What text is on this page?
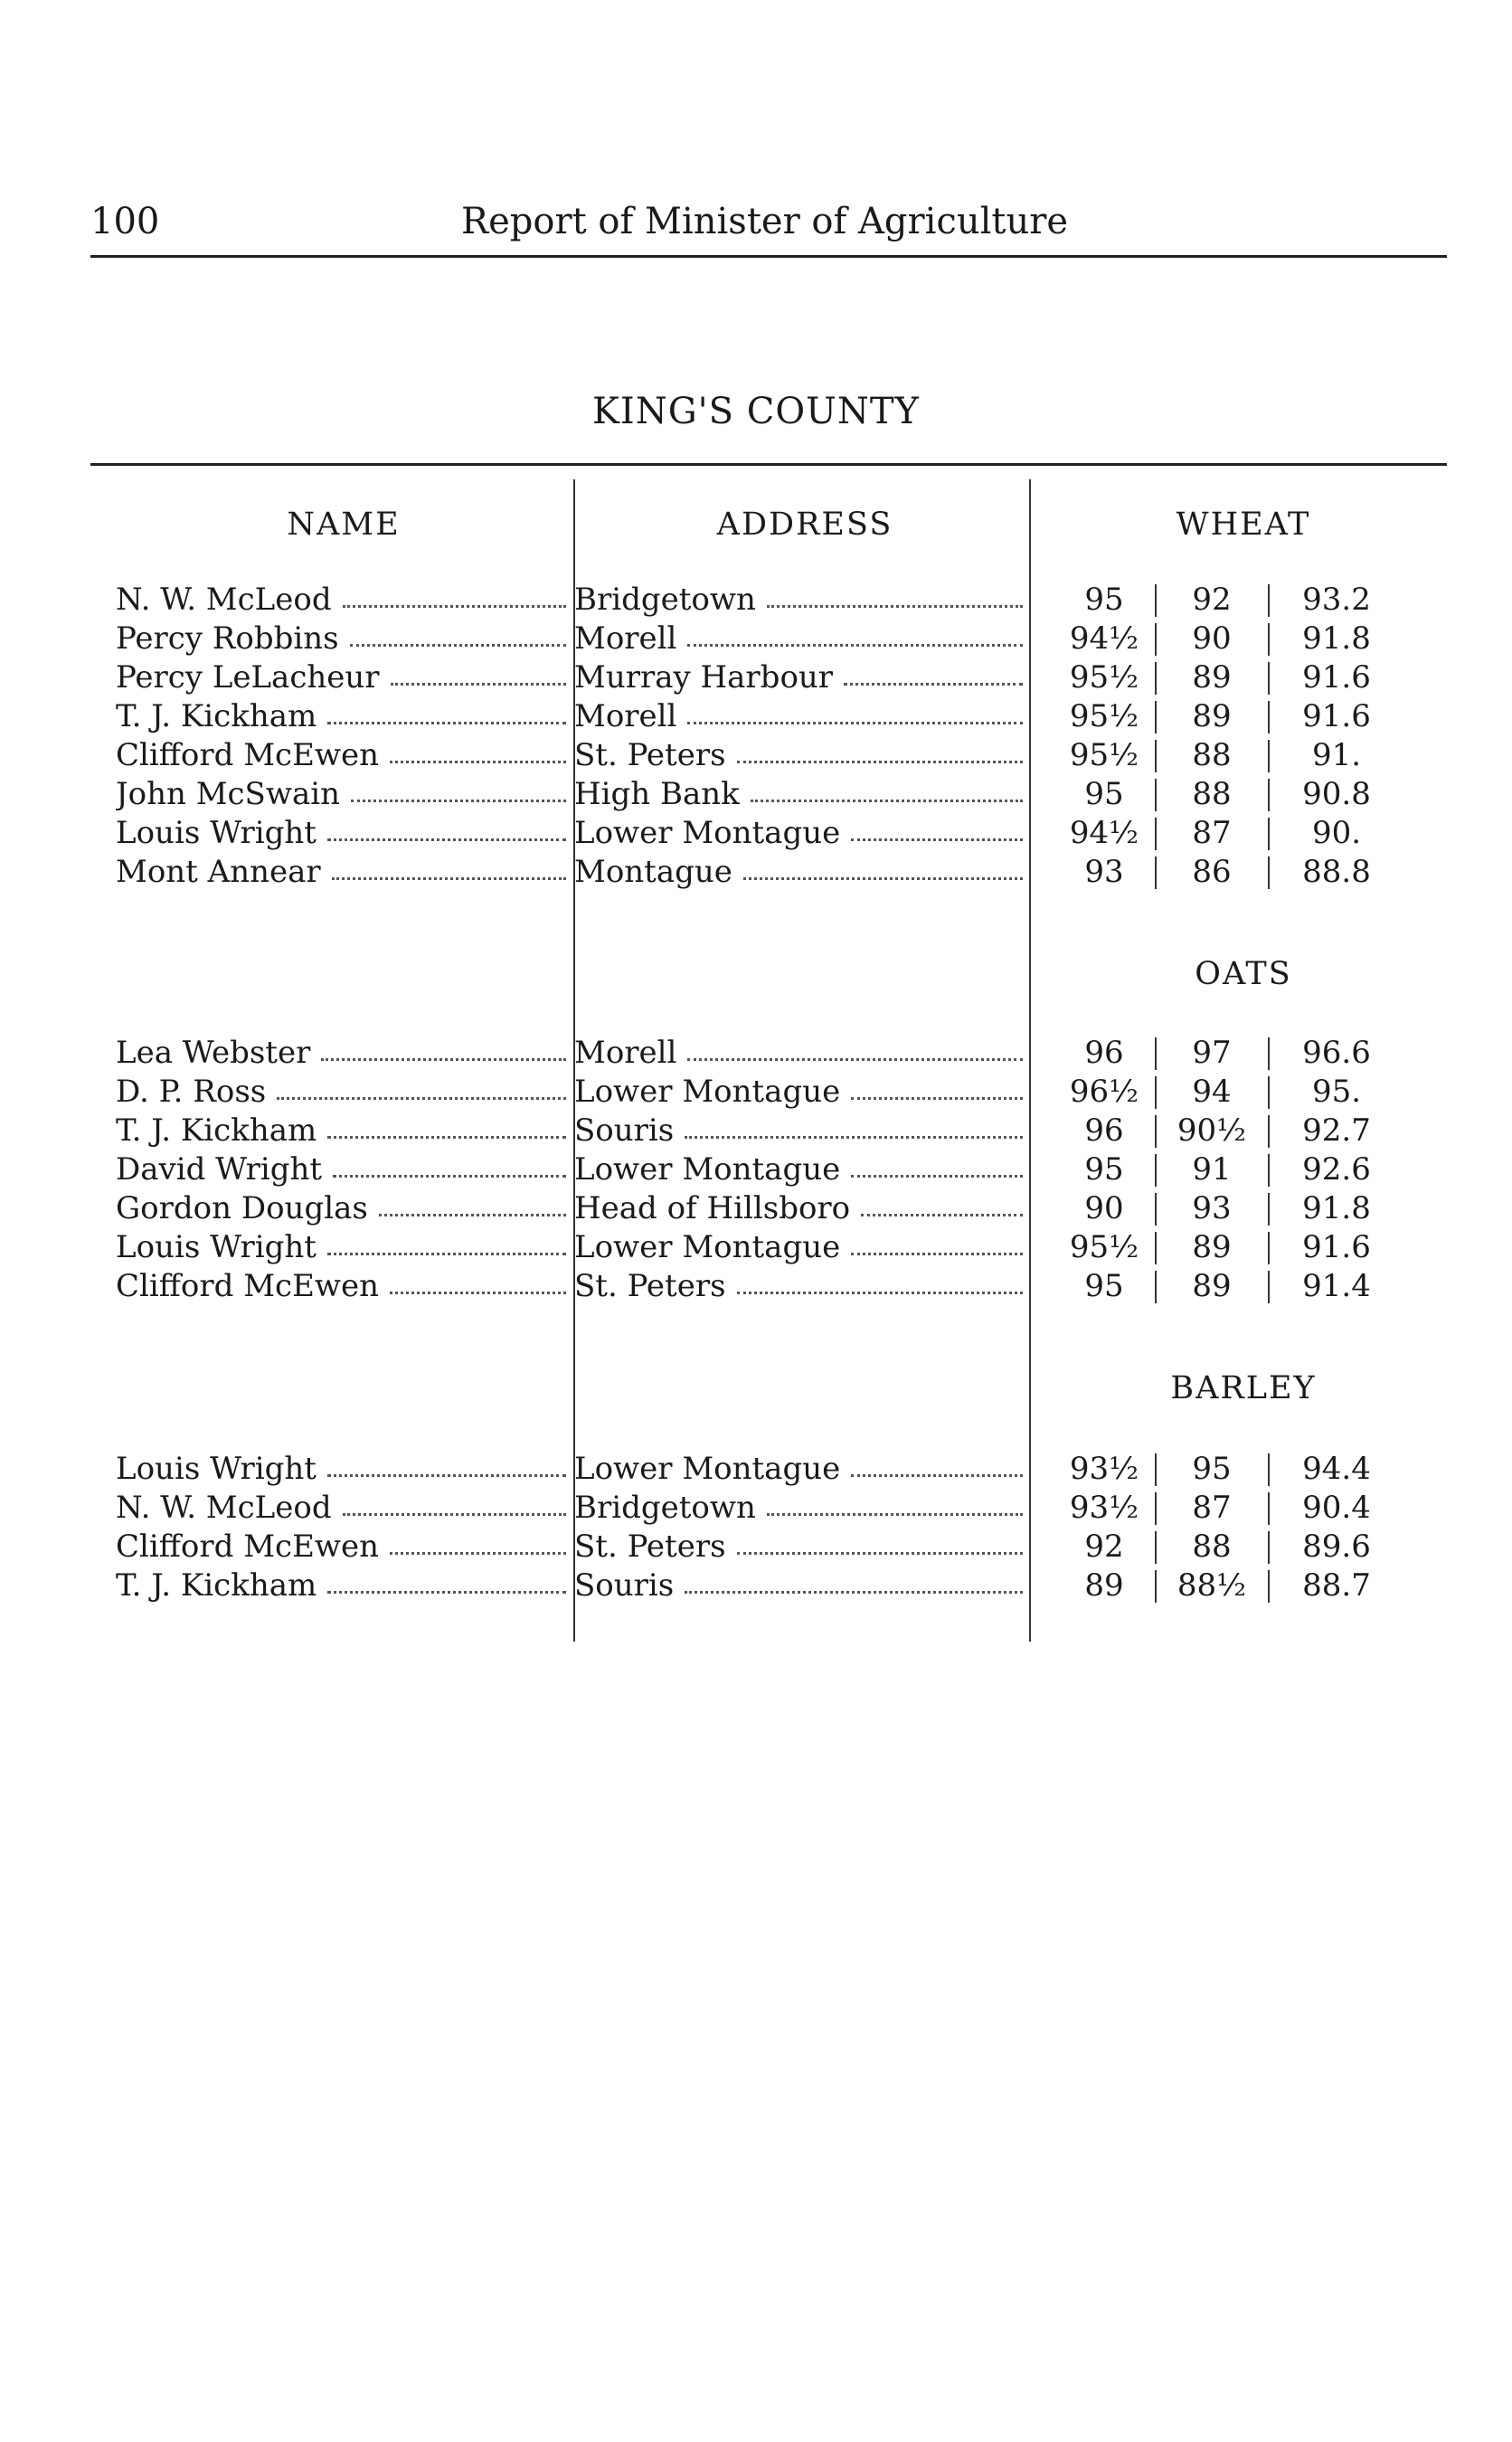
100	Report of Minister of Agriculture
KING'S COUNTY
NAME	ADDRESS	WHEAT
N. W. McLeod	Bridgetown	95	92	93.2
Percy Robbins	Morell	94½	90	91.8
Percy LeLacheur	Murray Harbour	95½	89	91.6
T. J. Kickham	Morell	95½	89	91.6
Clifford McEwen	St. Peters	95½	88	91.
John McSwain	High Bank	95	88	90.8
Louis Wright	Lower Montague	94½	87	90.
Mont Annear	Montague	93	86	88.8
OATS
Lea Webster	Morell	96	97	96.6
D. P. Ross	Lower Montague	96½	94	95.
T. J. Kickham	Souris	96	90½	92.7
David Wright	Lower Montague	95	91	92.6
Gordon Douglas	Head of Hillsboro	90	93	91.8
Louis Wright	Lower Montague	95½	89	91.6
Clifford McEwen	St. Peters	95	89	91.4
BARLEY
Louis Wright	Lower Montague	93½	95	94.4
N. W. McLeod	Bridgetown	93½	87	90.4
Clifford McEwen	St. Peters	92	88	89.6
T. J. Kickham	Souris	89	88½	88.7
